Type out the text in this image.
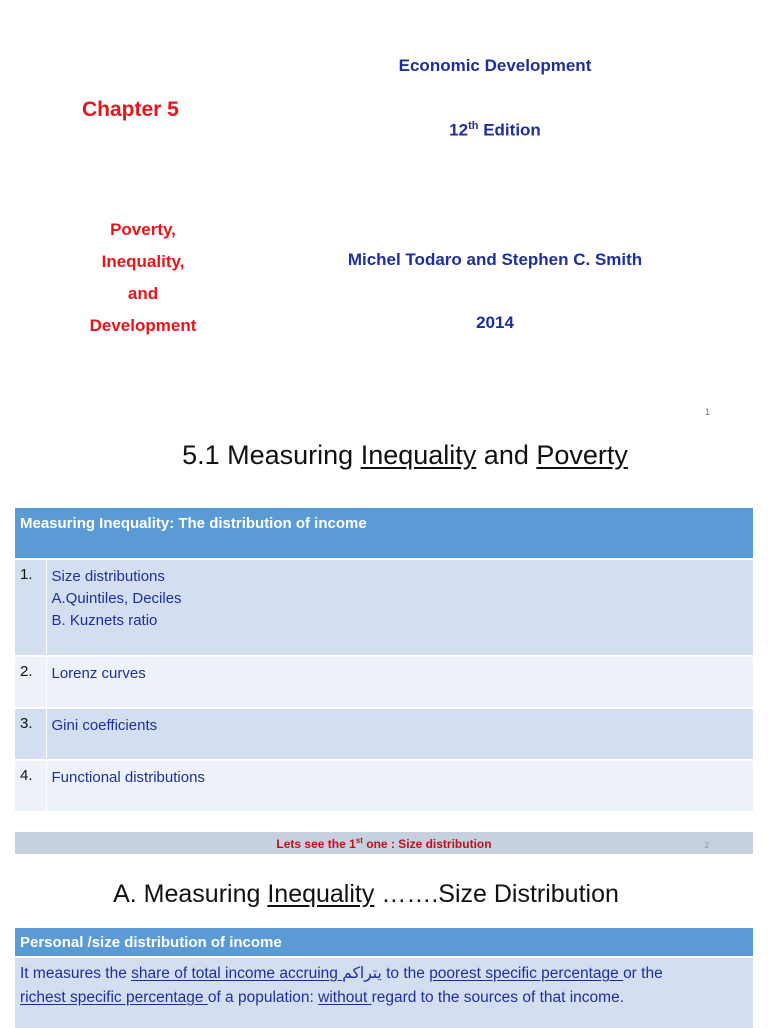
Chapter 5
Poverty,
Inequality,
and
Development
Economic Development
12th Edition
Michel Todaro and Stephen C. Smith
2014
1
5.1 Measuring Inequality and Poverty
Measuring Inequality: The distribution of income	
1.	Size distributions
A.Quintiles, Deciles
B. Kuznets ratio

2.	Lorenz curves

3.	Gini coefficients

4.	Functional distributions
Lets see the 1st one : Size distribution	2
A. Measuring Inequality …….Size Distribution
Personal /size distribution of income
It measures the share of total income accruing يتراكم to the poorest specific percentage or the
richest specific percentage of a population: without regard to the sources of that income.
